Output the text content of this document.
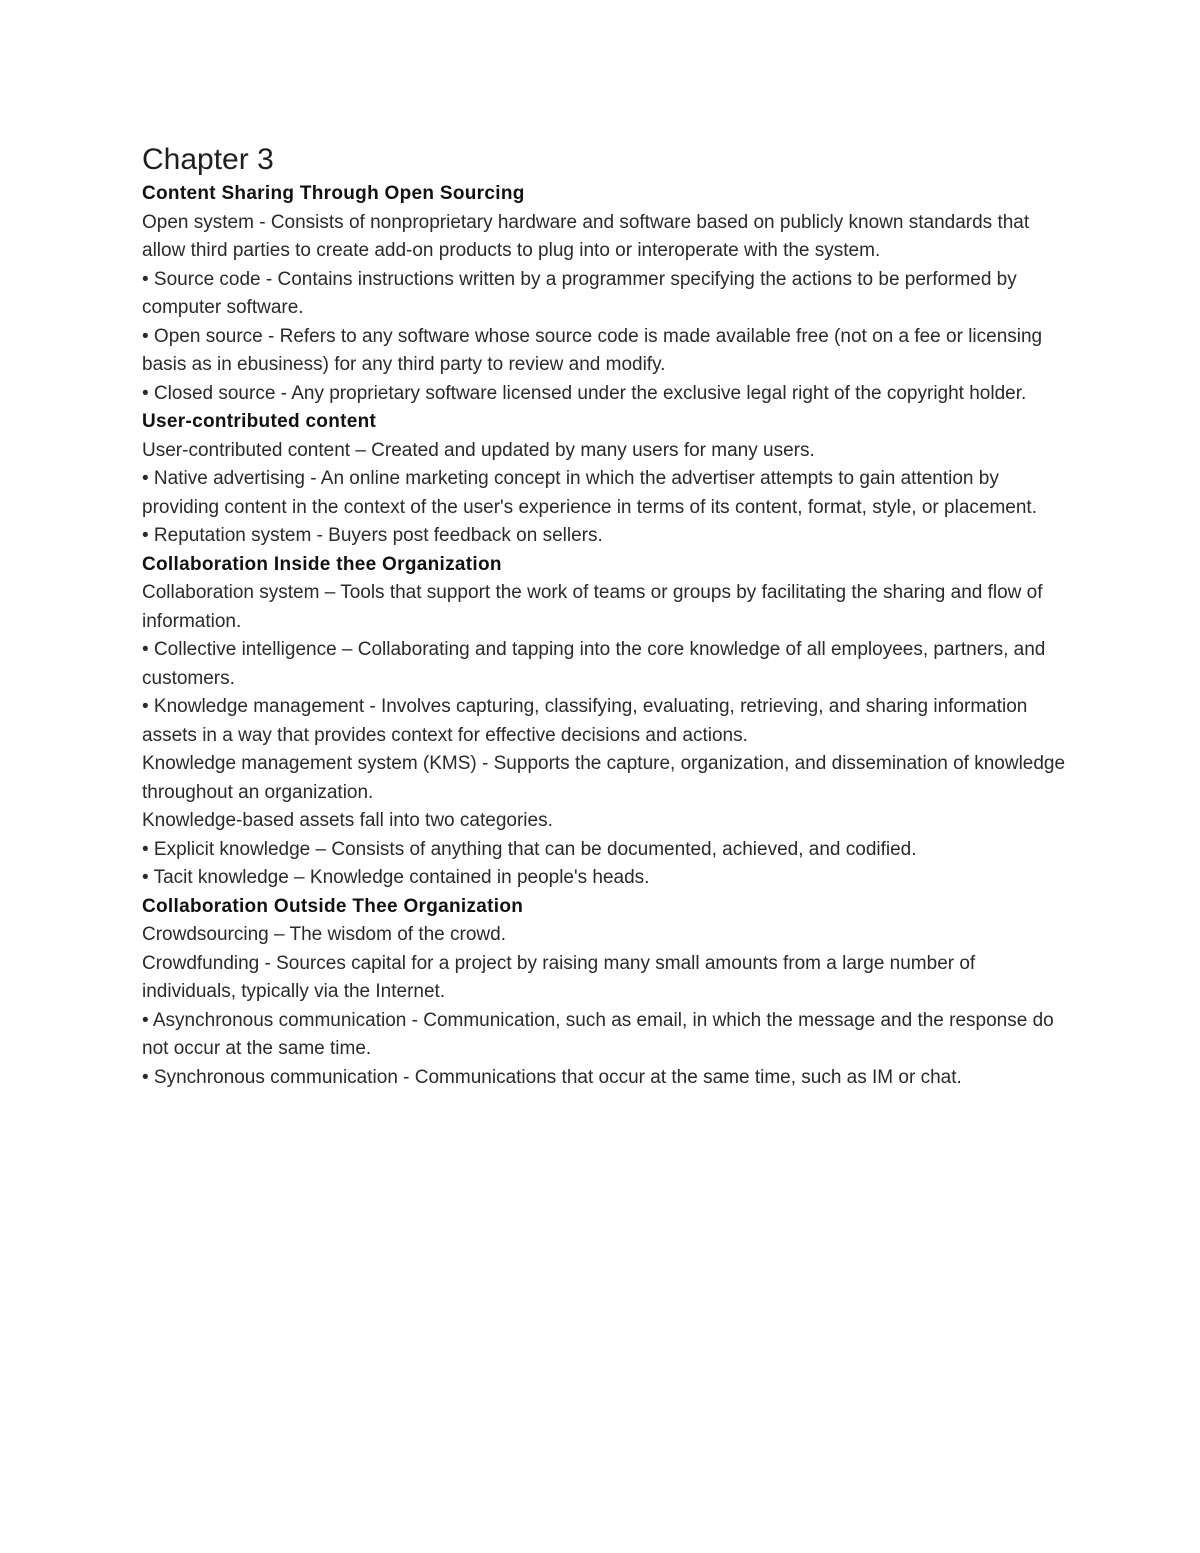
Chapter 3

Content Sharing Through Open Sourcing

Open system - Consists of nonproprietary hardware and software based on publicly known standards that allow third parties to create add-on products to plug into or interoperate with the system.

• Source code - Contains instructions written by a programmer specifying the actions to be performed by computer software.

• Open source - Refers to any software whose source code is made available free (not on a fee or licensing basis as in ebusiness) for any third party to review and modify.

• Closed source - Any proprietary software licensed under the exclusive legal right of the copyright holder.

User-contributed content

User-contributed content – Created and updated by many users for many users.

• Native advertising - An online marketing concept in which the advertiser attempts to gain attention by providing content in the context of the user's experience in terms of its content, format, style, or placement.

• Reputation system - Buyers post feedback on sellers.

Collaboration Inside thee Organization

Collaboration system – Tools that support the work of teams or groups by facilitating the sharing and flow of information.

• Collective intelligence – Collaborating and tapping into the core knowledge of all employees, partners, and customers.

• Knowledge management - Involves capturing, classifying, evaluating, retrieving, and sharing information assets in a way that provides context for effective decisions and actions.

Knowledge management system (KMS) - Supports the capture, organization, and dissemination of knowledge throughout an organization.

Knowledge-based assets fall into two categories.

• Explicit knowledge – Consists of anything that can be documented, achieved, and codified.

• Tacit knowledge – Knowledge contained in people's heads.

Collaboration Outside Thee Organization

Crowdsourcing – The wisdom of the crowd.

Crowdfunding - Sources capital for a project by raising many small amounts from a large number of individuals, typically via the Internet.

• Asynchronous communication - Communication, such as email, in which the message and the response do not occur at the same time.

• Synchronous communication - Communications that occur at the same time, such as IM or chat.
